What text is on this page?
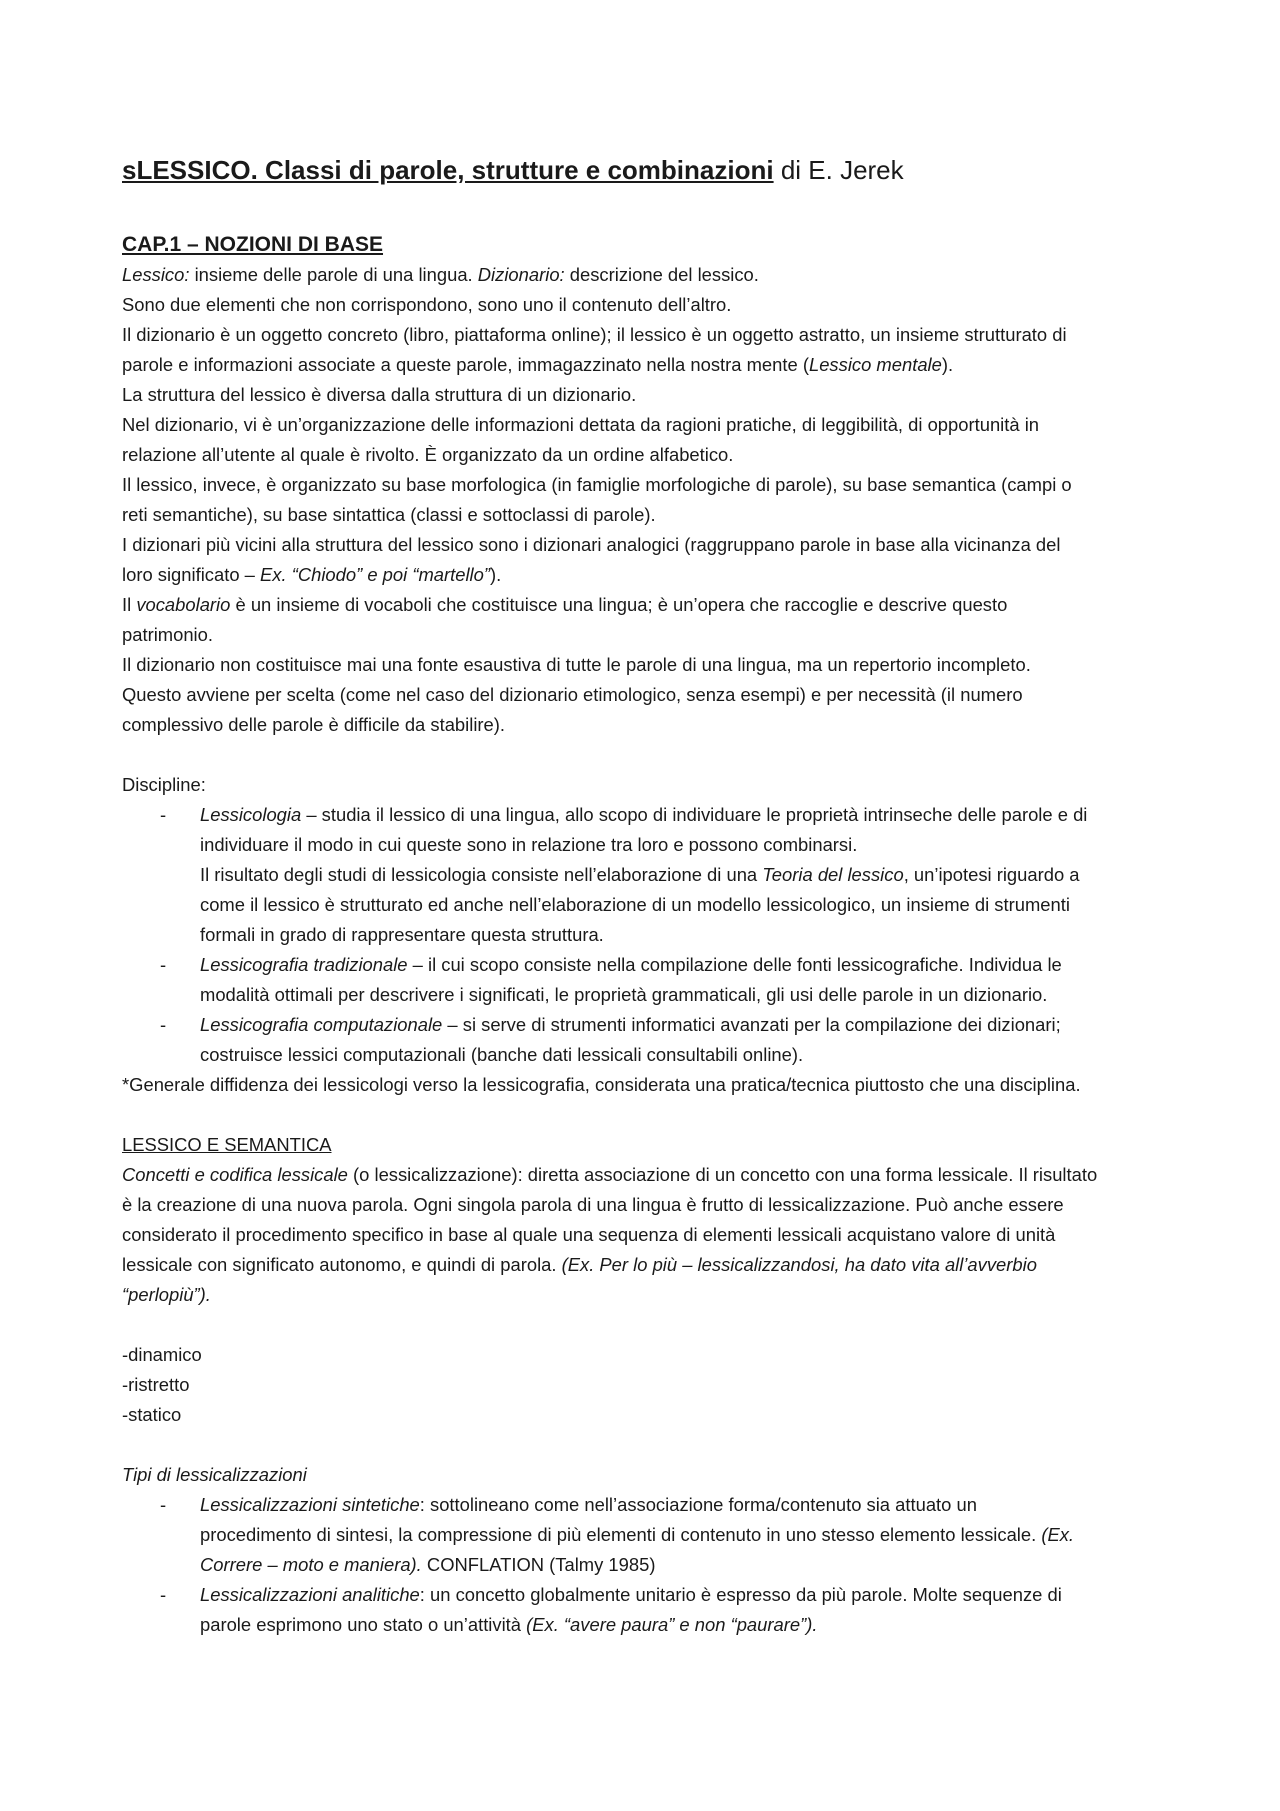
sLESSICO. Classi di parole, strutture e combinazioni di E. Jerek
CAP.1 – NOZIONI DI BASE
Lessico: insieme delle parole di una lingua. Dizionario: descrizione del lessico.
Sono due elementi che non corrispondono, sono uno il contenuto dell’altro.
Il dizionario è un oggetto concreto (libro, piattaforma online); il lessico è un oggetto astratto, un insieme strutturato di
parole e informazioni associate a queste parole, immagazzinato nella nostra mente (Lessico mentale).
La struttura del lessico è diversa dalla struttura di un dizionario.
Nel dizionario, vi è un’organizzazione delle informazioni dettata da ragioni pratiche, di leggibilità, di opportunità in
relazione all’utente al quale è rivolto. È organizzato da un ordine alfabetico.
Il lessico, invece, è organizzato su base morfologica (in famiglie morfologiche di parole), su base semantica (campi o
reti semantiche), su base sintattica (classi e sottoclassi di parole).
I dizionari più vicini alla struttura del lessico sono i dizionari analogici (raggruppano parole in base alla vicinanza del
loro significato – Ex. “Chiodo” e poi “martello”).
Il vocabolario è un insieme di vocaboli che costituisce una lingua; è un’opera che raccoglie e descrive questo
patrimonio.
Il dizionario non costituisce mai una fonte esaustiva di tutte le parole di una lingua, ma un repertorio incompleto.
Questo avviene per scelta (come nel caso del dizionario etimologico, senza esempi) e per necessità (il numero
complessivo delle parole è difficile da stabilire).
Discipline:
- Lessicologia – studia il lessico di una lingua, allo scopo di individuare le proprietà intrinseche delle parole e di
individuare il modo in cui queste sono in relazione tra loro e possono combinarsi.
Il risultato degli studi di lessicologia consiste nell’elaborazione di una Teoria del lessico, un’ipotesi riguardo a
come il lessico è strutturato ed anche nell’elaborazione di un modello lessicologico, un insieme di strumenti
formali in grado di rappresentare questa struttura.
- Lessicografia tradizionale – il cui scopo consiste nella compilazione delle fonti lessicografiche. Individua le
modalità ottimali per descrivere i significati, le proprietà grammaticali, gli usi delle parole in un dizionario.
- Lessicografia computazionale – si serve di strumenti informatici avanzati per la compilazione dei dizionari;
costruisce lessici computazionali (banche dati lessicali consultabili online).
*Generale diffidenza dei lessicologi verso la lessicografia, considerata una pratica/tecnica piuttosto che una disciplina.
LESSICO E SEMANTICA
Concetti e codifica lessicale (o lessicalizzazione): diretta associazione di un concetto con una forma lessicale. Il risultato
è la creazione di una nuova parola. Ogni singola parola di una lingua è frutto di lessicalizzazione. Può anche essere
considerato il procedimento specifico in base al quale una sequenza di elementi lessicali acquistano valore di unità
lessicale con significato autonomo, e quindi di parola. (Ex. Per lo più – lessicalizzandosi, ha dato vita all’avverbio
“perlopiù”).
-dinamico
-ristretto
-statico
Tipi di lessicalizzazioni
- Lessicalizzazioni sintetiche: sottolineano come nell’associazione forma/contenuto sia attuato un
procedimento di sintesi, la compressione di più elementi di contenuto in uno stesso elemento lessicale. (Ex.
Correre – moto e maniera). CONFLATION (Talmy 1985)
- Lessicalizzazioni analitiche: un concetto globalmente unitario è espresso da più parole. Molte sequenze di
parole esprimono uno stato o un’attività (Ex. “avere paura” e non “paurare”).
